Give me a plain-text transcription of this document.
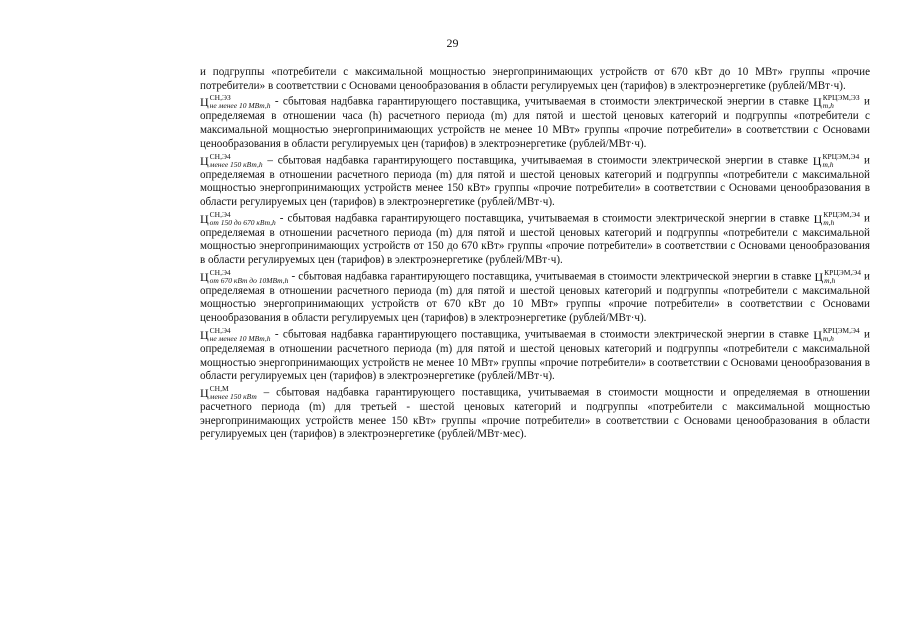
29

и подгруппы «потребители с максимальной мощностью энергопринимающих устройств от 670 кВт до 10 МВт» группы «прочие потребители» в соответствии с Основами ценообразования в области регулируемых цен (тарифов) в электроэнергетике (рублей/МВт·ч).

Ц СН,ЭЗ
не менее 10 МВт,h - сбытовая надбавка гарантирующего поставщика, учитываемая в стоимости электрической энергии в ставке Ц КРЦЭМ,ЭЗ
m,h	и определяемая в отношении часа (h) расчетного периода (m) для пятой и шестой ценовых категорий и подгруппы «потребители с максимальной мощностью энергопринимающих устройств не менее 10 МВт» группы «прочие потребители» в соответствии с Основами ценообразования в области регулируемых цен (тарифов) в электроэнергетике (рублей/МВт·ч).

Ц СН,Э4
менее 150 кВт,h – сбытовая надбавка гарантирующего поставщика, учитываемая в стоимости электрической энергии в ставке Ц КРЦЭМ,Э4
m,h	и определяемая в отношении расчетного периода (m) для пятой и шестой ценовых категорий и подгруппы «потребители с максимальной мощностью энергопринимающих устройств менее 150 кВт» группы «прочие потребители» в соответствии с Основами ценообразования в области регулируемых цен (тарифов) в электроэнергетике (рублей/МВт·ч).

Ц СН,Э4
от 150 до 670 кВт,h - сбытовая надбавка гарантирующего поставщика, учитываемая в стоимости электрической энергии в ставке Ц КРЦЭМ,Э4
m,h	и определяемая в отношении расчетного периода (m) для пятой и шестой ценовых категорий и подгруппы «потребители с максимальной мощностью энергопринимающих устройств от 150 до 670 кВт» группы «прочие потребители» в соответствии с Основами ценообразования в области регулируемых цен (тарифов) в электроэнергетике (рублей/МВт·ч).

Ц СН,Э4
от 670 кВт до 10МВт,h - сбытовая надбавка гарантирующего поставщика, учитываемая в стоимости электрической энергии в ставке Ц КРЦЭМ,Э4
m,h	и определяемая в отношении расчетного периода (m) для пятой и шестой ценовых категорий и подгруппы «потребители с максимальной мощностью энергопринимающих устройств от 670 кВт до 10 МВт» группы «прочие потребители» в соответствии с Основами ценообразования в области регулируемых цен (тарифов) в электроэнергетике (рублей/МВт·ч).

Ц СН,Э4
не менее 10 МВт,h - сбытовая надбавка гарантирующего поставщика, учитываемая в стоимости электрической энергии в ставке Ц КРЦЭМ,Э4
m,h	и определяемая в отношении расчетного периода (m) для пятой и шестой ценовых категорий и подгруппы «потребители с максимальной мощностью энергопринимающих устройств не менее 10 МВт» группы «прочие потребители» в соответствии с Основами ценообразования в области регулируемых цен (тарифов) в электроэнергетике (рублей/МВт·ч).

Ц СН,М
менее 150 кВт – сбытовая надбавка гарантирующего поставщика, учитываемая в стоимости мощности и определяемая в отношении расчетного периода (m) для третьей - шестой ценовых категорий и подгруппы «потребители с максимальной мощностью энергопринимающих устройств менее 150 кВт» группы «прочие потребители» в соответствии с Основами ценообразования в области регулируемых цен (тарифов) в электроэнергетике (рублей/МВт·мес).
